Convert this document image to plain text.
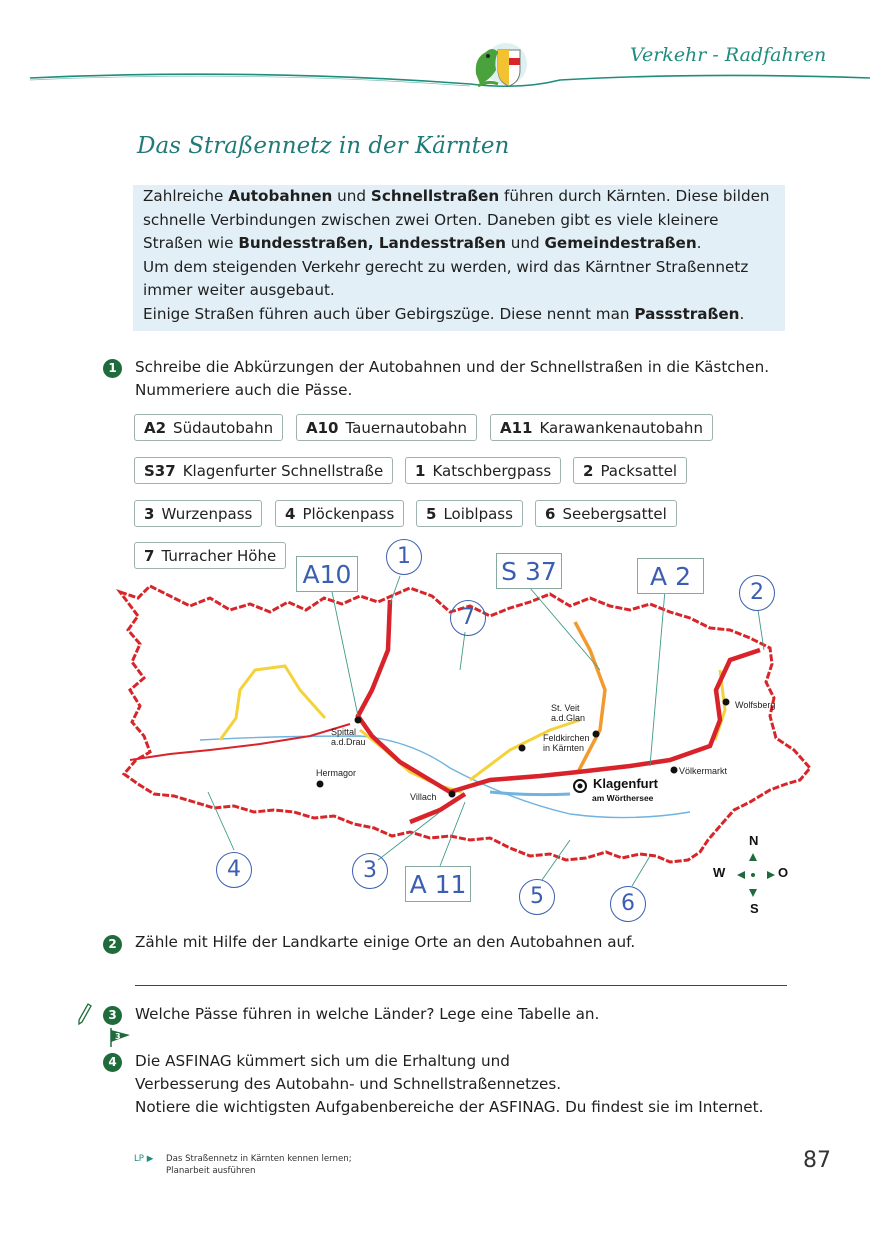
Verkehr - Radfahren
Das Straßennetz in der Kärnten

Zahlreiche Autobahnen und Schnellstraßen führen durch Kärnten. Diese bilden

schnelle Verbindungen zwischen zwei Orten. Daneben gibt es viele kleinere

Straßen wie Bundesstraßen, Landesstraßen und Gemeindestraßen.

Um dem steigenden Verkehr gerecht zu werden, wird das Kärntner Straßennetz

immer weiter ausgebaut.

Einige Straßen führen auch über Gebirgszüge. Diese nennt man Passstraßen.

1	Schreibe die Abkürzungen der Autobahnen und der Schnellstraßen in die Kästchen.
Nummeriere auch die Pässe.
A2 Südautobahn	A10 Tauernautobahn	A11 Karawankenautobahn
S37 Klagenfurter Schnellstraße	1 Katschbergpass	2 Packsattel
3 Wurzenpass	4 Plöckenpass	5 Loiblpass	6 Seebergsattel
7 Turracher Höhe
Spittal
a.d.Drau
Hermagor
Villach
St. Veit
a.d.Glan
Feldkirchen
in Kärnten
Klagenfurt
am Wörthersee
Wolfsberg
Völkermarkt
A10	S 37	A 2
A 11
1
2
3
4
5	6
7
N
W	O
S
2	Zähle mit Hilfe der Landkarte einige Orte an den Autobahnen auf.
3	Welche Pässe führen in welche Länder? Lege eine Tabelle an.
3
4	Die ASFINAG kümmert sich um die Erhaltung und
Verbesserung des Autobahn- und Schnellstraßennetzes.
Notiere die wichtigsten Aufgabenbereiche der ASFINAG. Du findest sie im Internet.
LP ▶ Das Straßennetz in Kärnten kennen lernen;
Planarbeit ausführen	87
